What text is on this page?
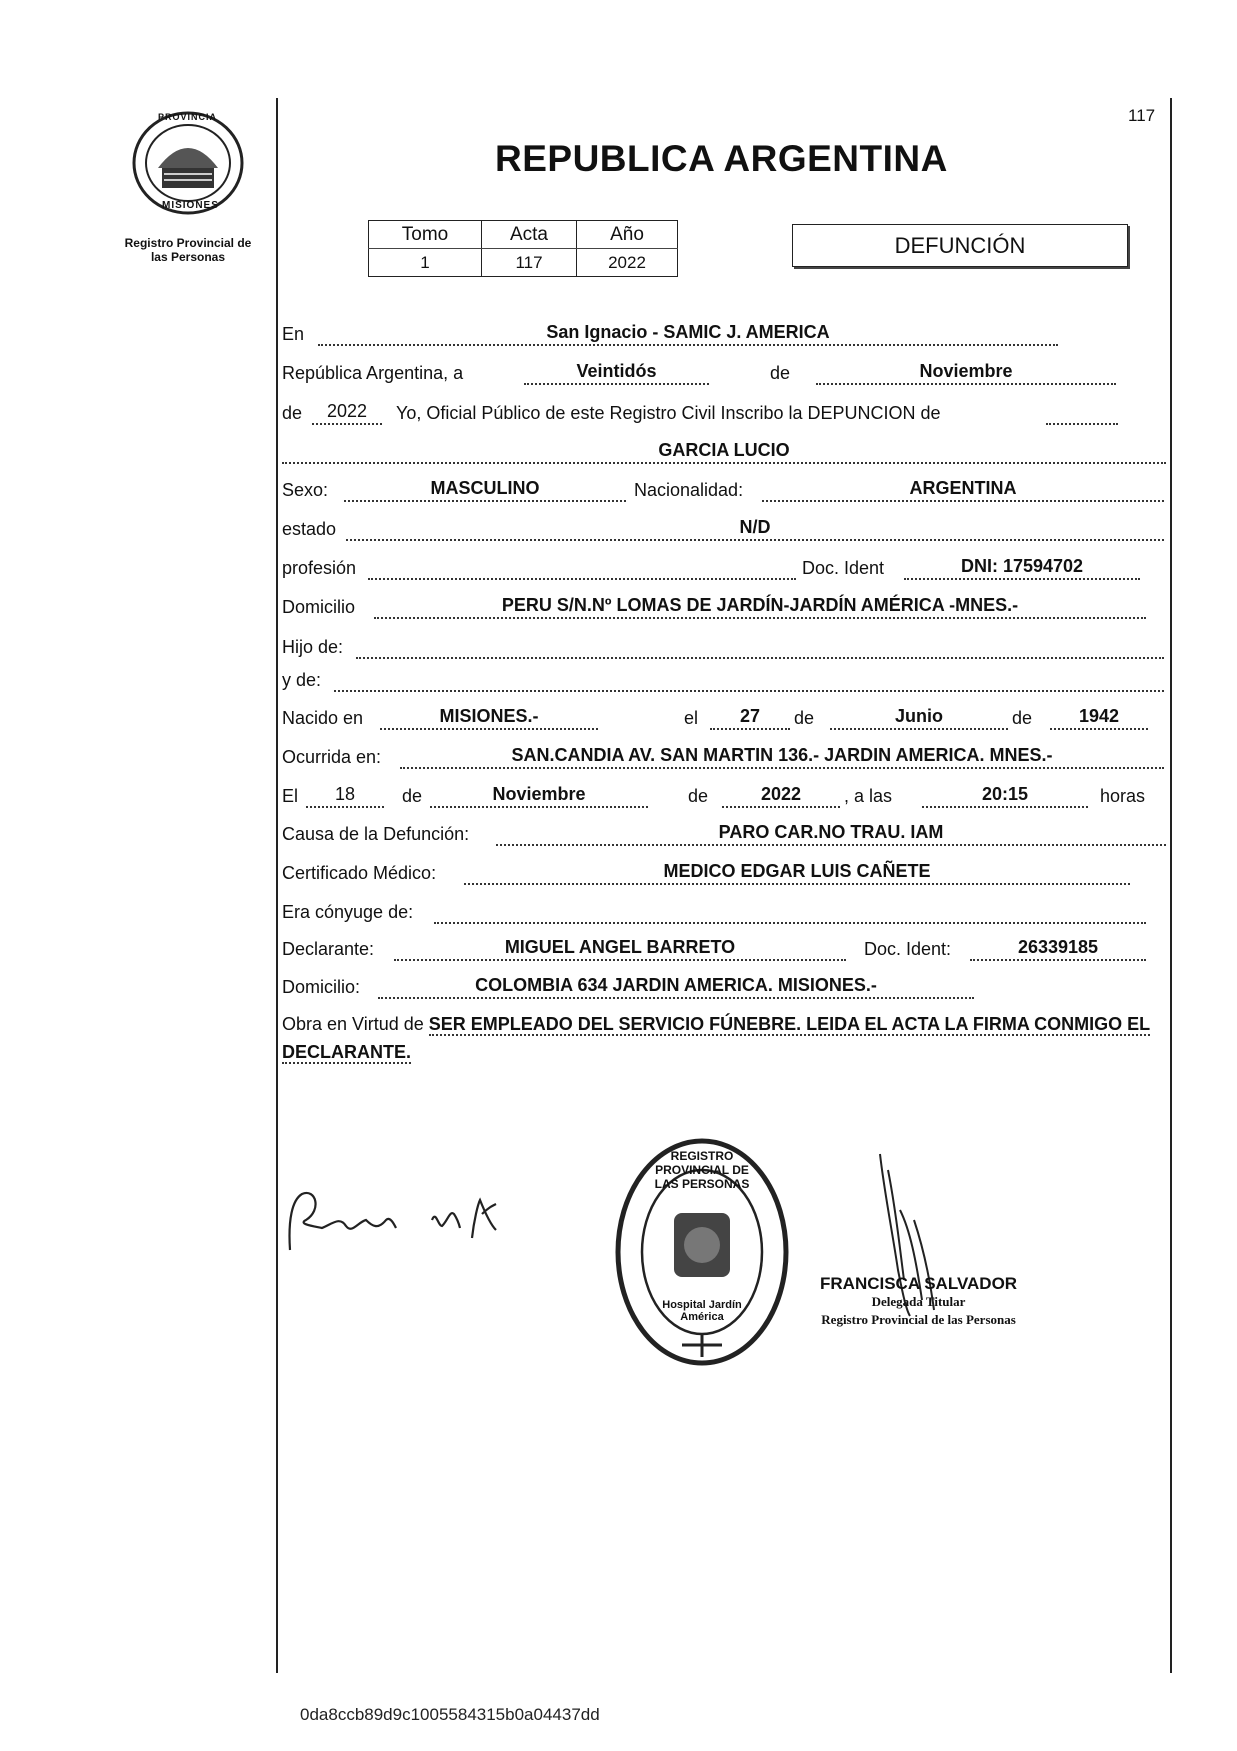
PROVINCIA
MISIONES
Registro Provincial de
las Personas
117
REPUBLICA ARGENTINA
Tomo	Acta	Año
1	117	2022
DEFUNCIÓN
En	San Ignacio - SAMIC J. AMERICA
República Argentina, a	Veintidós	de	Noviembre
de	2022	Yo, Oficial Público de este Registro Civil Inscribo la DEPUNCION de
GARCIA LUCIO
Sexo:	MASCULINO	Nacionalidad:	ARGENTINA
estado	N/D
profesión	Doc. Ident	DNI: 17594702
Domicilio	PERU S/N.Nº LOMAS DE JARDÍN-JARDÍN AMÉRICA -MNES.-
Hijo de:
y de:
Nacido en	MISIONES.-	el	27	de	Junio	de	1942
Ocurrida en:	SAN.CANDIA AV. SAN MARTIN 136.- JARDIN AMERICA. MNES.-
El	18	de	Noviembre	de	2022	, a las	20:15	horas
Causa de la Defunción:	PARO CAR.NO TRAU. IAM
Certificado Médico:	MEDICO EDGAR LUIS CAÑETE
Era cónyuge de:
Declarante:	MIGUEL ANGEL BARRETO	Doc. Ident:	26339185
Domicilio:	COLOMBIA 634 JARDIN AMERICA. MISIONES.-
Obra en Virtud de SER EMPLEADO DEL SERVICIO FÚNEBRE. LEIDA EL ACTA LA FIRMA CONMIGO EL DECLARANTE.
REGISTRO PROVINCIAL DE LAS PERSONAS
Hospital Jardín América
FRANCISCA SALVADOR
Delegada Titular
Registro Provincial de las Personas
0da8ccb89d9c1005584315b0a04437dd
